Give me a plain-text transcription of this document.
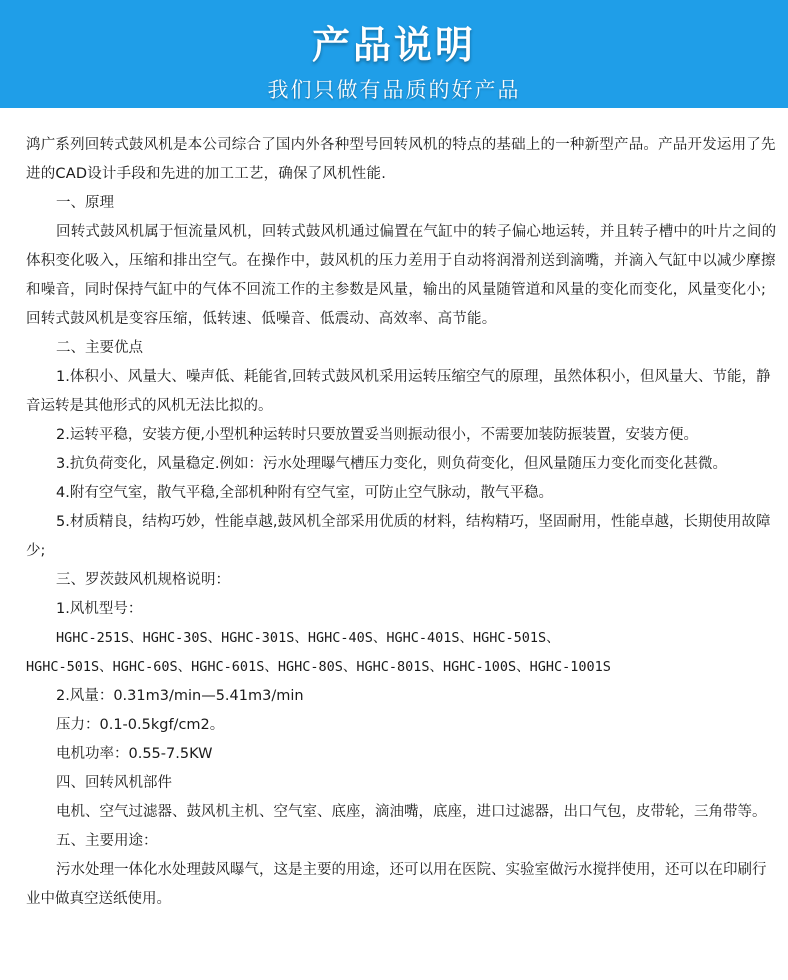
产品说明
我们只做有品质的好产品

鸿广系列回转式鼓风机是本公司综合了国内外各种型号回转风机的特点的基础上的一种新型产品。产品开发运用了先进的CAD设计手段和先进的加工工艺，确保了风机性能.

一、原理

回转式鼓风机属于恒流量风机，回转式鼓风机通过偏置在气缸中的转子偏心地运转，并且转子槽中的叶片之间的体积变化吸入，压缩和排出空气。在操作中，鼓风机的压力差用于自动将润滑剂送到滴嘴，并滴入气缸中以减少摩擦和噪音，同时保持气缸中的气体不回流工作的主参数是风量，输出的风量随管道和风量的变化而变化，风量变化小;回转式鼓风机是变容压缩，低转速、低噪音、低震动、高效率、高节能。

二、主要优点

1.体积小、风量大、噪声低、耗能省,回转式鼓风机采用运转压缩空气的原理，虽然体积小，但风量大、节能，静音运转是其他形式的风机无法比拟的。

2.运转平稳，安装方便,小型机种运转时只要放置妥当则振动很小，不需要加装防振装置，安装方便。

3.抗负荷变化，风量稳定.例如：污水处理曝气槽压力变化，则负荷变化，但风量随压力变化而变化甚微。

4.附有空气室，散气平稳,全部机种附有空气室，可防止空气脉动，散气平稳。

5.材质精良，结构巧妙，性能卓越,鼓风机全部采用优质的材料，结构精巧，坚固耐用，性能卓越，长期使用故障少;

三、罗茨鼓风机规格说明：

1.风机型号：

HGHC-251S、HGHC-30S、HGHC-301S、HGHC-40S、HGHC-401S、HGHC-501S、

HGHC-501S、HGHC-60S、HGHC-601S、HGHC-80S、HGHC-801S、HGHC-100S、HGHC-1001S

2.风量：0.31m3/min—5.41m3/min

压力：0.1-0.5kgf/cm2。

电机功率：0.55-7.5KW

四、回转风机部件

电机、空气过滤器、鼓风机主机、空气室、底座，滴油嘴，底座，进口过滤器，出口气包，皮带轮，三角带等。

五、主要用途：

污水处理一体化水处理鼓风曝气，这是主要的用途，还可以用在医院、实验室做污水搅拌使用，还可以在印刷行业中做真空送纸使用。
